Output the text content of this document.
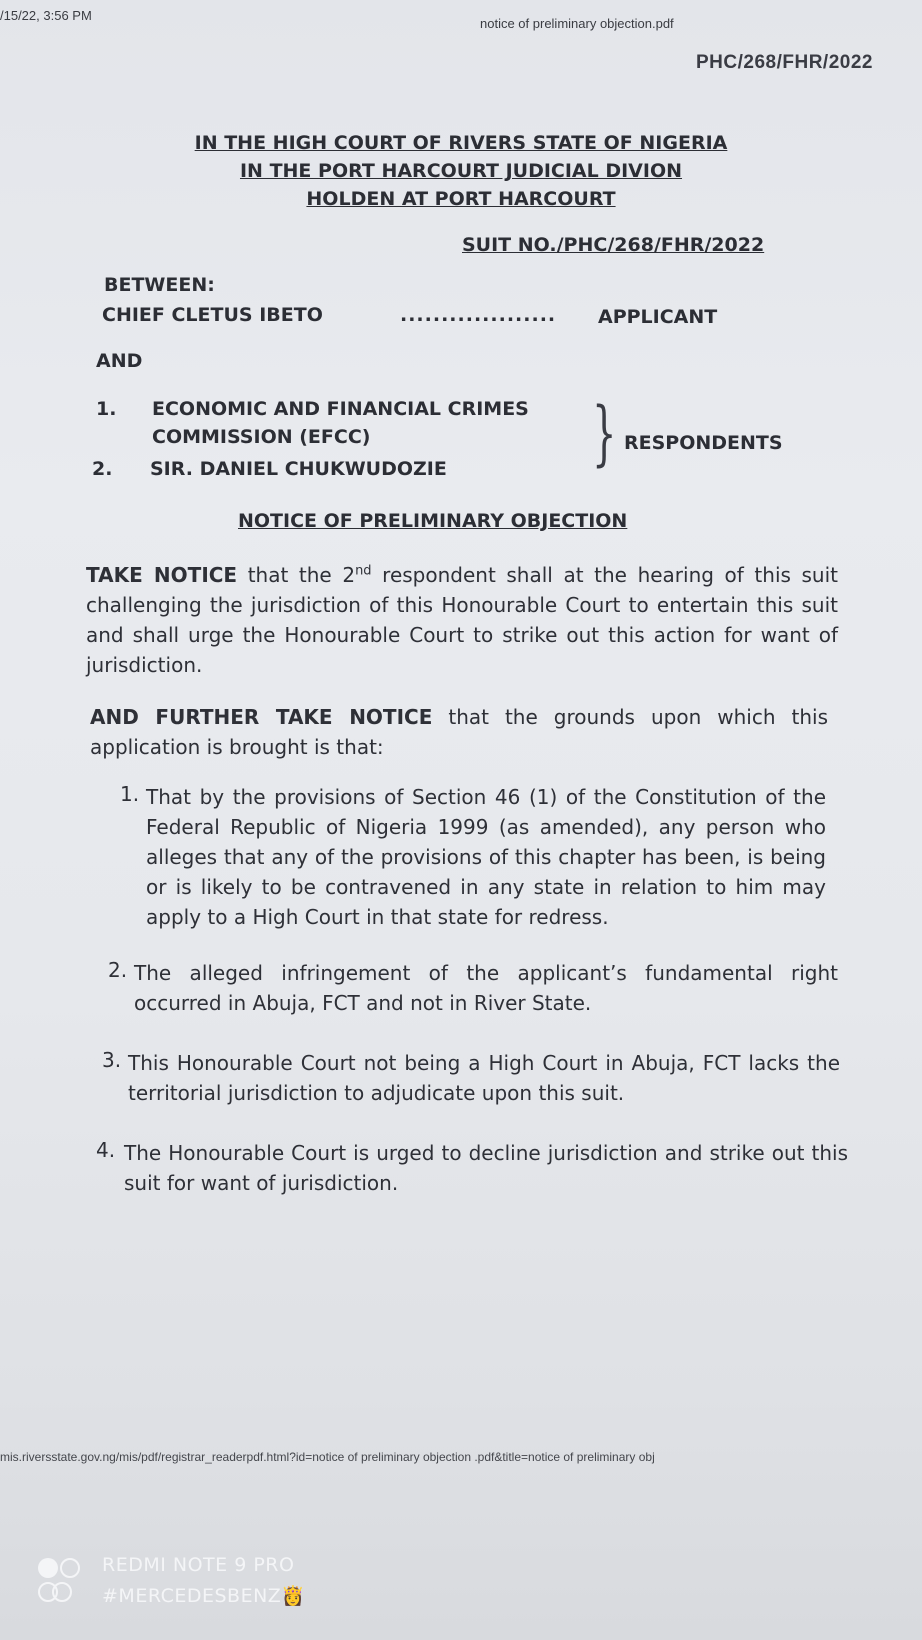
/15/22, 3:56 PM
notice of preliminary objection.pdf
PHC/268/FHR/2022
IN THE HIGH COURT OF RIVERS STATE OF NIGERIA
IN THE PORT HARCOURT JUDICIAL DIVION
HOLDEN AT PORT HARCOURT
SUIT NO./PHC/268/FHR/2022
BETWEEN:
CHIEF CLETUS IBETO	................... APPLICANT
AND
1. ECONOMIC AND FINANCIAL CRIMES
COMMISSION (EFCC)
2. SIR. DANIEL CHUKWUDOZIE } RESPONDENTS
NOTICE OF PRELIMINARY OBJECTION
TAKE NOTICE that the 2nd respondent shall at the hearing of this suit challenging the jurisdiction of this Honourable Court to entertain this suit and shall urge the Honourable Court to strike out this action for want of jurisdiction.
AND FURTHER TAKE NOTICE that the grounds upon which this application is brought is that:
1. That by the provisions of Section 46 (1) of the Constitution of the Federal Republic of Nigeria 1999 (as amended), any person who alleges that any of the provisions of this chapter has been, is being or is likely to be contravened in any state in relation to him may apply to a High Court in that state for redress.
2. The alleged infringement of the applicant’s fundamental right occurred in Abuja, FCT and not in River State.
3. This Honourable Court not being a High Court in Abuja, FCT lacks the territorial jurisdiction to adjudicate upon this suit.
4. The Honourable Court is urged to decline jurisdiction and strike out this suit for want of jurisdiction.
mis.riversstate.gov.ng/mis/pdf/registrar_readerpdf.html?id=notice of preliminary objection .pdf&title=notice of preliminary obj
REDMI NOTE 9 PRO
#MERCEDESBENZ👸
